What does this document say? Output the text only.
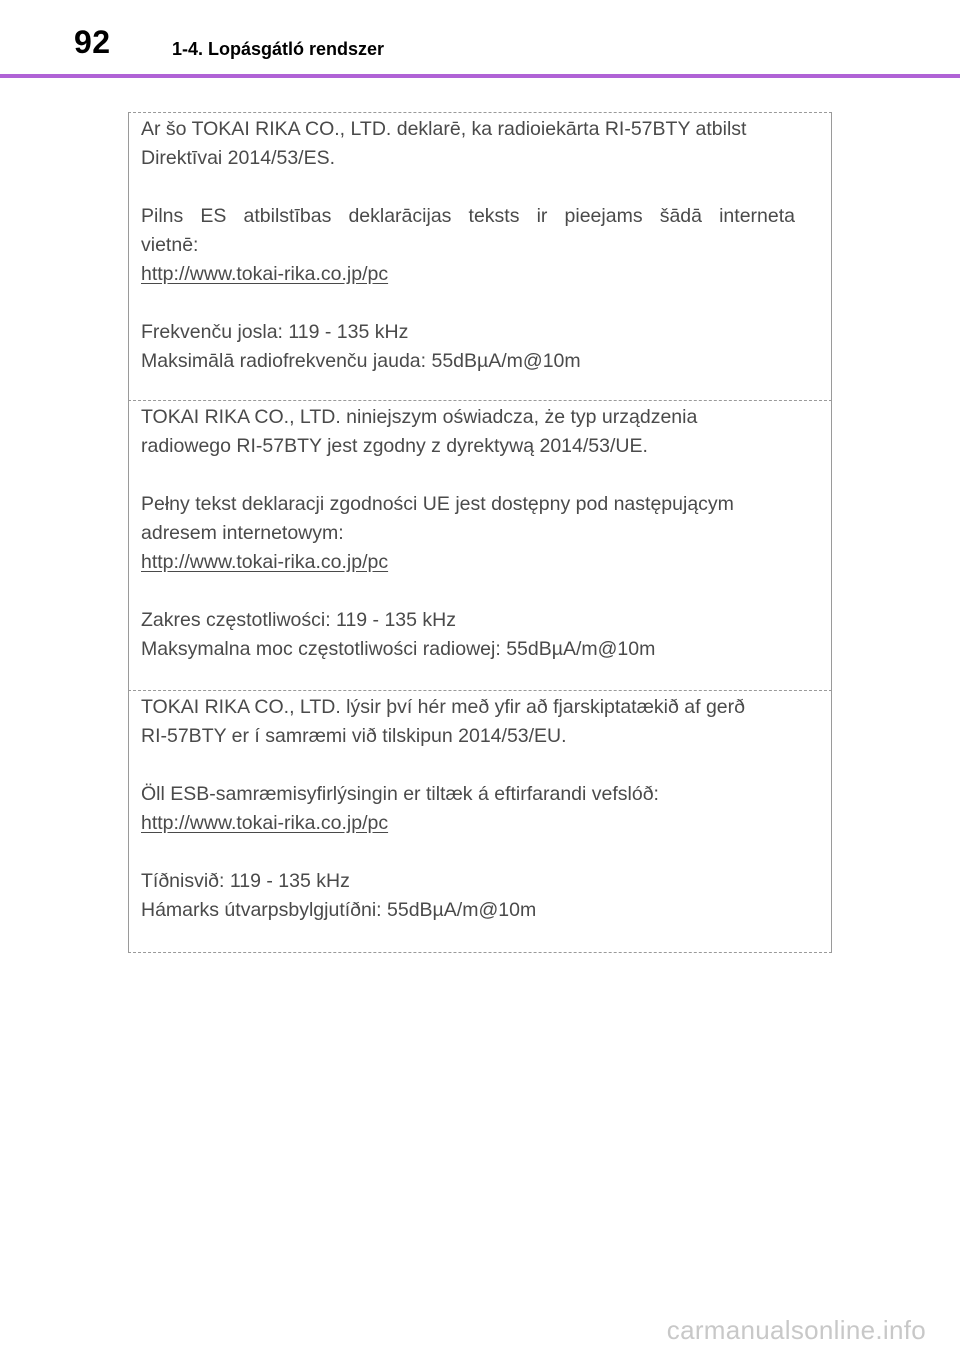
92	1-4. Lopásgátló rendszer

Ar šo TOKAI RIKA CO., LTD. deklarē, ka radioiekārta RI-57BTY atbilst

Direktīvai 2014/53/ES.

Pilns ES atbilstības deklarācijas teksts ir pieejams šādā interneta

vietnē:

http://www.tokai-rika.co.jp/pc

Frekvenču josla: 119 - 135 kHz

Maksimālā radiofrekvenču jauda: 55dBµA/m@10m

TOKAI RIKA CO., LTD. niniejszym oświadcza, że typ urządzenia

radiowego RI-57BTY jest zgodny z dyrektywą 2014/53/UE.

Pełny tekst deklaracji zgodności UE jest dostępny pod następującym

adresem internetowym:

http://www.tokai-rika.co.jp/pc

Zakres częstotliwości: 119 - 135 kHz

Maksymalna moc częstotliwości radiowej: 55dBµA/m@10m

TOKAI RIKA CO., LTD. lýsir því hér með yfir að fjarskiptatækið af gerð

RI-57BTY er í samræmi við tilskipun 2014/53/EU.

Öll ESB-samræmisyfirlýsingin er tiltæk á eftirfarandi vefslóð:

http://www.tokai-rika.co.jp/pc

Tíðnisvið: 119 - 135 kHz

Hámarks útvarpsbylgjutíðni: 55dBµA/m@10m

carmanualsonline.info
